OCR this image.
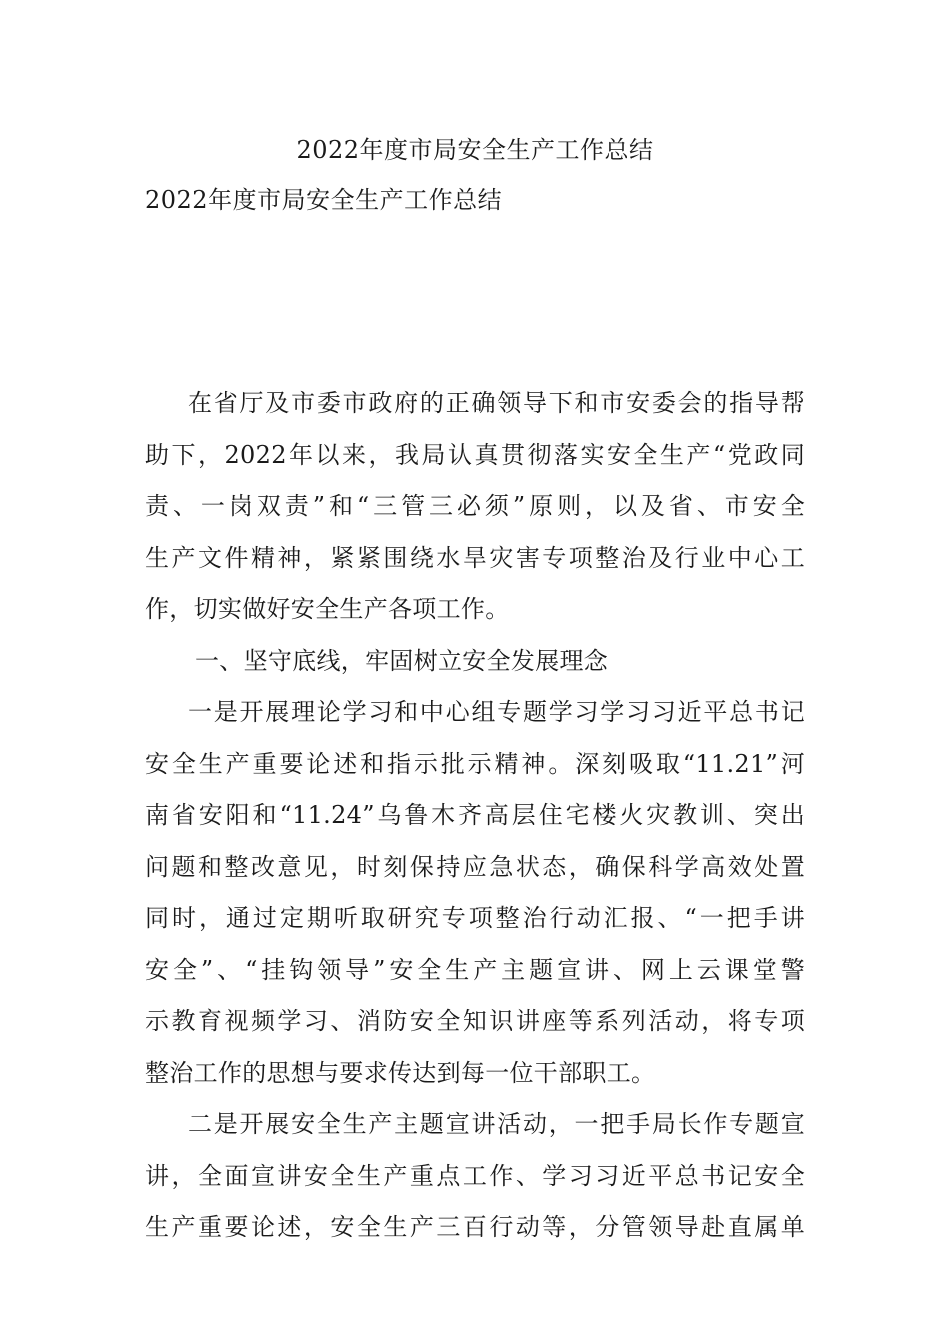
2022年度市局安全生产工作总结
2022年度市局安全生产工作总结
在省厅及市委市政府的正确领导下和市安委会的指导帮
助下，2022年以来，我局认真贯彻落实安全生产“党政同
责、一岗双责”和“三管三必须”原则，以及省、市安全
生产文件精神，紧紧围绕水旱灾害专项整治及行业中心工
作，切实做好安全生产各项工作。
一、坚守底线，牢固树立安全发展理念
一是开展理论学习和中心组专题学习学习习近平总书记
安全生产重要论述和指示批示精神。深刻吸取“11.21”河
南省安阳和“11.24”乌鲁木齐高层住宅楼火灾教训、突出
问题和整改意见，时刻保持应急状态，确保科学高效处置
同时，通过定期听取研究专项整治行动汇报、“一把手讲
安全”、“挂钩领导”安全生产主题宣讲、网上云课堂警
示教育视频学习、消防安全知识讲座等系列活动，将专项
整治工作的思想与要求传达到每一位干部职工。
二是开展安全生产主题宣讲活动，一把手局长作专题宣
讲，全面宣讲安全生产重点工作、学习习近平总书记安全
生产重要论述，安全生产三百行动等，分管领导赴直属单
